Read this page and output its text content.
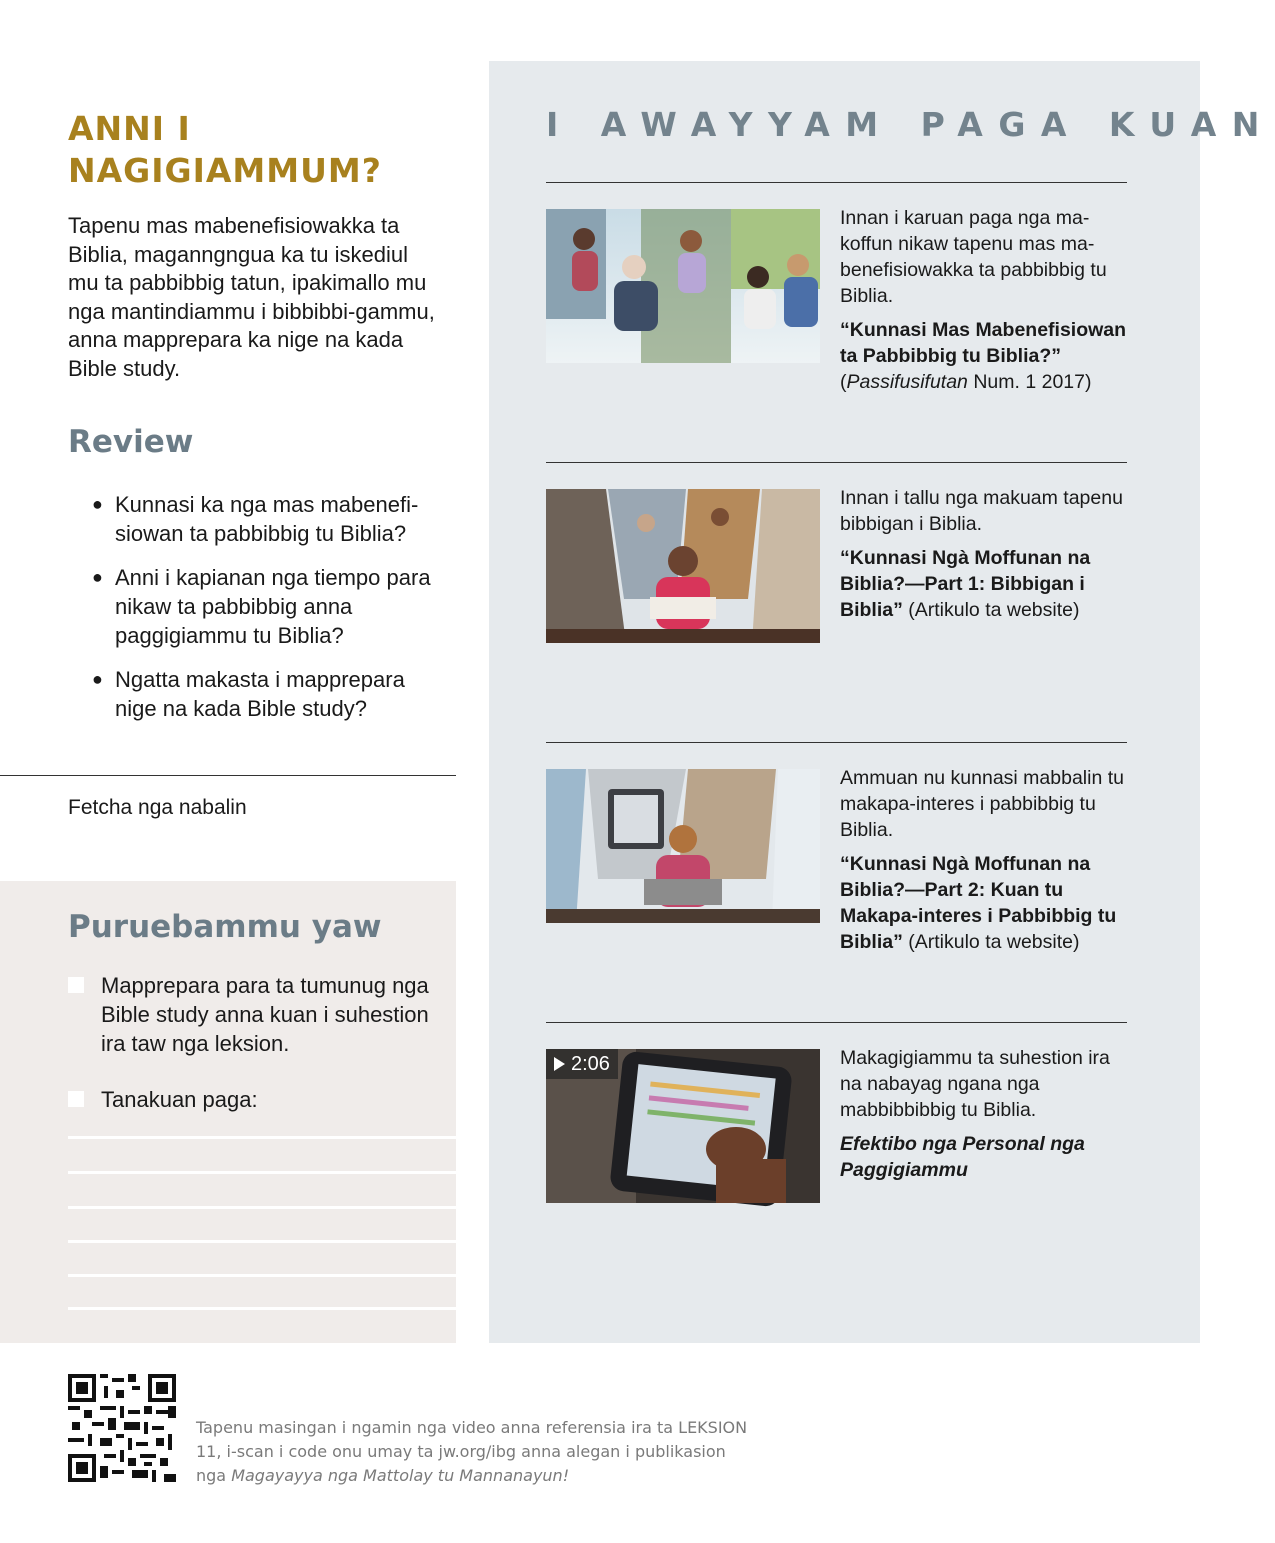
ANNI I NAGIGIAMMUM?

Tapenu mas mabenefisiowakka ta Biblia, maganngngua ka tu iskediul mu ta pabbibbig tatun, ipakimallo mu nga mantindiammu i bibbibbi-gammu, anna mapprepara ka nige na kada Bible study.

Review
● Kunnasi ka nga mas mabenefi-siowan ta pabbibbig tu Biblia?
● Anni i kapianan nga tiempo para nikaw ta pabbibbig anna paggigiammu tu Biblia?
● Ngatta makasta i mapprepara nige na kada Bible study?
Fetcha nga nabalin
Puruebammu yaw
Mapprepara para ta tumunug nga Bible study anna kuan i suhestion ira taw nga leksion.
Tanakuan paga:
I AWAYYAM PAGA KUAN
Innan i karuan paga nga ma-koffun nikaw tapenu mas ma-benefisiowakka ta pabbibbig tu Biblia.
“Kunnasi Mas Mabenefisiowan ta Pabbibbig tu Biblia?”
(Passifusifutan Num. 1 2017)
Innan i tallu nga makuam tapenu bibbigan i Biblia.
“Kunnasi Ngà Moffunan na Biblia?—Part 1: Bibbigan i Biblia” (Artikulo ta website)
Ammuan nu kunnasi mabbalin tu makapa-interes i pabbibbig tu Biblia.
“Kunnasi Ngà Moffunan na Biblia?—Part 2: Kuan tu Makapa-interes i Pabbibbig tu Biblia” (Artikulo ta website)
2:06	Makagigiammu ta suhestion ira na nabayag ngana nga mabbibbibbig tu Biblia.
Efektibo nga Personal nga Paggigiammu

Tapenu masingan i ngamin nga video anna referensia ira ta LEKSION 11, i-scan i code onu umay ta jw.org/ibg anna alegan i publikasion nga Magayayya nga Mattolay tu Mannanayun!
